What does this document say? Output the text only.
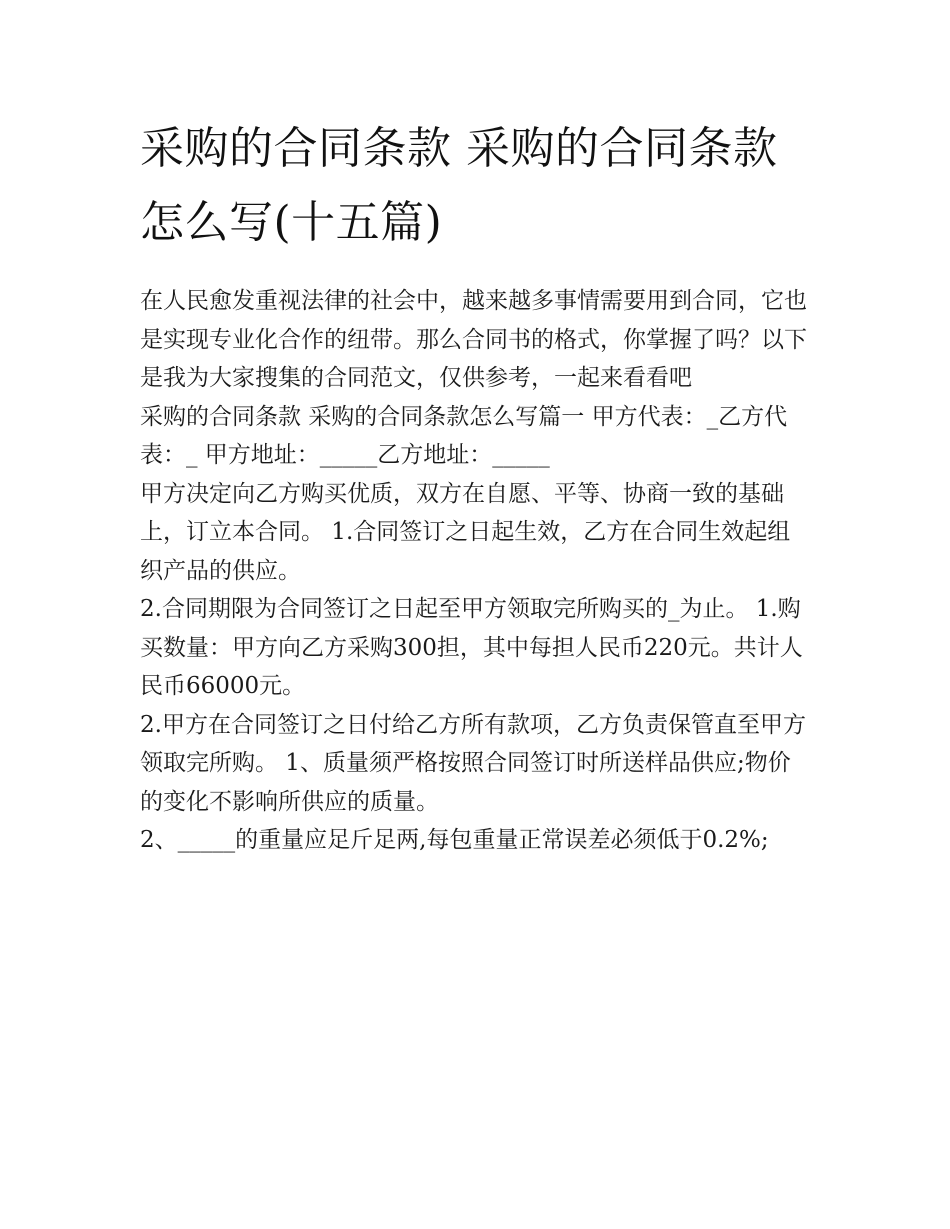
采购的合同条款 采购的合同条款怎么写(十五篇)

在人民愈发重视法律的社会中，越来越多事情需要用到合同，它也是实现专业化合作的纽带。那么合同书的格式，你掌握了吗？以下是我为大家搜集的合同范文，仅供参考，一起来看看吧

采购的合同条款 采购的合同条款怎么写篇一 甲方代表：_乙方代表：_ 甲方地址：_____乙方地址：_____

甲方决定向乙方购买优质，双方在自愿、平等、协商一致的基础上，订立本合同。 1.合同签订之日起生效，乙方在合同生效起组织产品的供应。

2.合同期限为合同签订之日起至甲方领取完所购买的_为止。 1.购买数量：甲方向乙方采购300担，其中每担人民币220元。共计人民币66000元。

2.甲方在合同签订之日付给乙方所有款项，乙方负责保管直至甲方领取完所购。 1、质量须严格按照合同签订时所送样品供应;物价的变化不影响所供应的质量。

2、_____的重量应足斤足两,每包重量正常误差必须低于0.2%;
